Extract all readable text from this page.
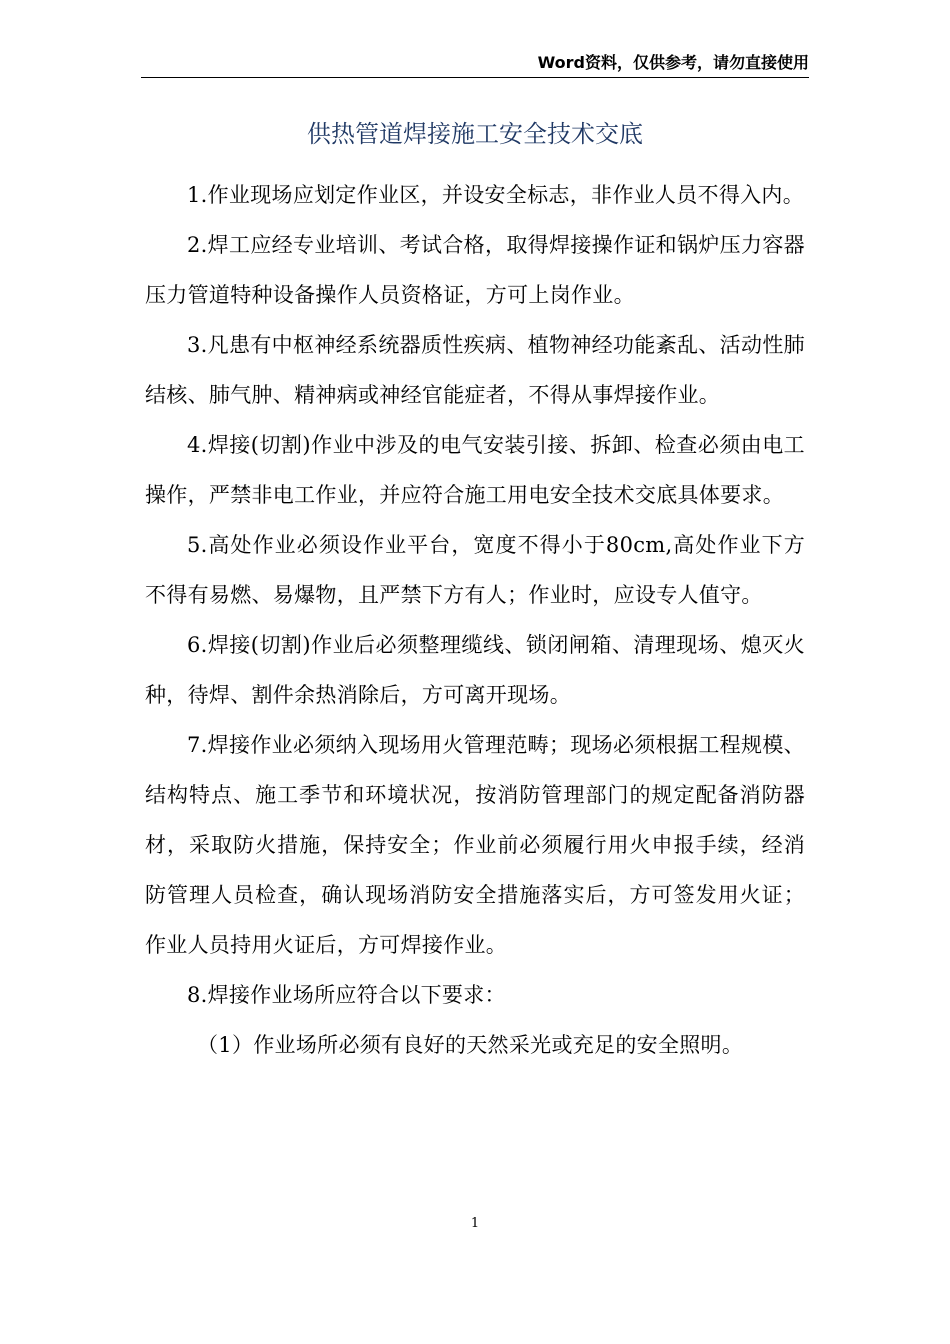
Word资料，仅供参考，请勿直接使用
供热管道焊接施工安全技术交底

1.作业现场应划定作业区，并设安全标志，非作业人员不得入内。

2.焊工应经专业培训、考试合格，取得焊接操作证和锅炉压力容器压力管道特种设备操作人员资格证，方可上岗作业。

3.凡患有中枢神经系统器质性疾病、植物神经功能紊乱、活动性肺结核、肺气肿、精神病或神经官能症者，不得从事焊接作业。

4.焊接(切割)作业中涉及的电气安装引接、拆卸、检查必须由电工操作，严禁非电工作业，并应符合施工用电安全技术交底具体要求。

5.高处作业必须设作业平台，宽度不得小于80cm,高处作业下方不得有易燃、易爆物，且严禁下方有人；作业时，应设专人值守。

6.焊接(切割)作业后必须整理缆线、锁闭闸箱、清理现场、熄灭火种，待焊、割件余热消除后，方可离开现场。

7.焊接作业必须纳入现场用火管理范畴；现场必须根据工程规模、结构特点、施工季节和环境状况，按消防管理部门的规定配备消防器材，采取防火措施，保持安全；作业前必须履行用火申报手续，经消防管理人员检查，确认现场消防安全措施落实后，方可签发用火证；作业人员持用火证后，方可焊接作业。

8.焊接作业场所应符合以下要求：

（1）作业场所必须有良好的天然采光或充足的安全照明。

1
